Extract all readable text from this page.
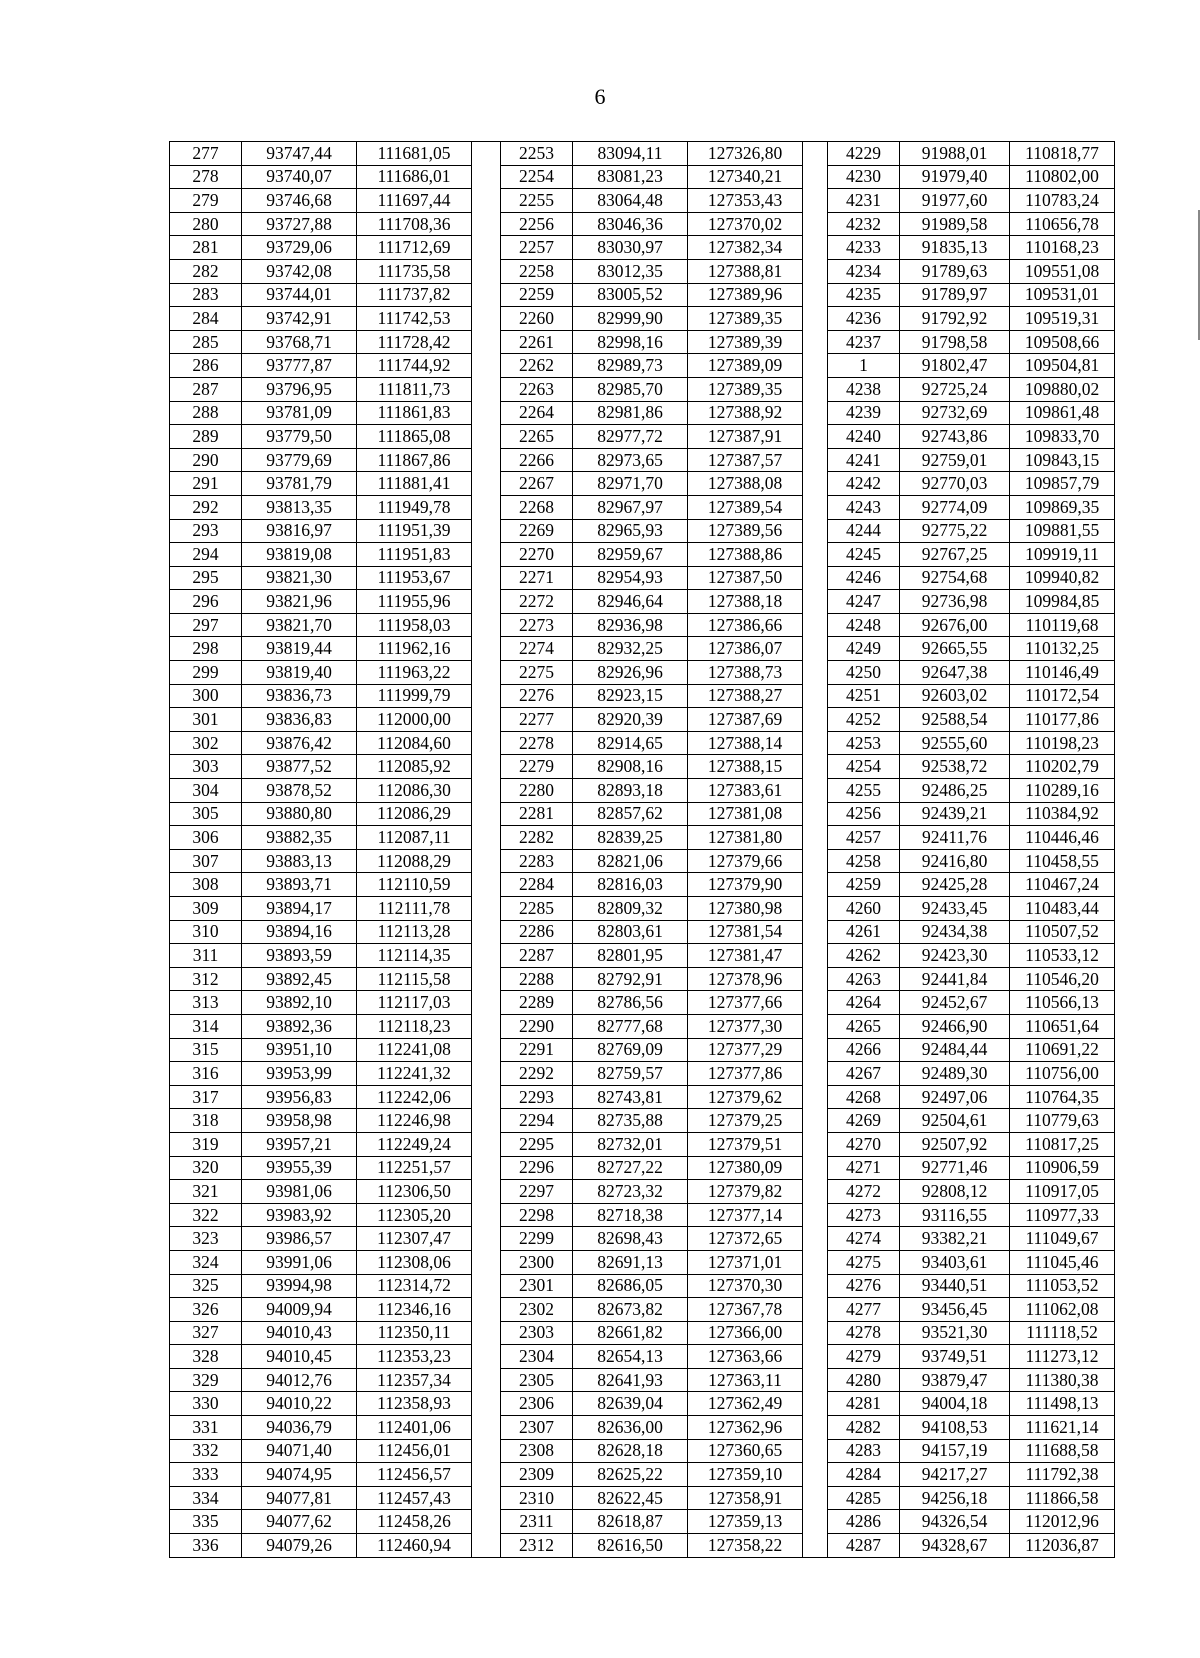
6
277	93747,44	111681,05		2253	83094,11	127326,80		4229	91988,01	110818,77
278	93740,07	111686,01		2254	83081,23	127340,21		4230	91979,40	110802,00
279	93746,68	111697,44		2255	83064,48	127353,43		4231	91977,60	110783,24
280	93727,88	111708,36		2256	83046,36	127370,02		4232	91989,58	110656,78
281	93729,06	111712,69		2257	83030,97	127382,34		4233	91835,13	110168,23
282	93742,08	111735,58		2258	83012,35	127388,81		4234	91789,63	109551,08
283	93744,01	111737,82		2259	83005,52	127389,96		4235	91789,97	109531,01
284	93742,91	111742,53		2260	82999,90	127389,35		4236	91792,92	109519,31
285	93768,71	111728,42		2261	82998,16	127389,39		4237	91798,58	109508,66
286	93777,87	111744,92		2262	82989,73	127389,09		1	91802,47	109504,81
287	93796,95	111811,73		2263	82985,70	127389,35		4238	92725,24	109880,02
288	93781,09	111861,83		2264	82981,86	127388,92		4239	92732,69	109861,48
289	93779,50	111865,08		2265	82977,72	127387,91		4240	92743,86	109833,70
290	93779,69	111867,86		2266	82973,65	127387,57		4241	92759,01	109843,15
291	93781,79	111881,41		2267	82971,70	127388,08		4242	92770,03	109857,79
292	93813,35	111949,78		2268	82967,97	127389,54		4243	92774,09	109869,35
293	93816,97	111951,39		2269	82965,93	127389,56		4244	92775,22	109881,55
294	93819,08	111951,83		2270	82959,67	127388,86		4245	92767,25	109919,11
295	93821,30	111953,67		2271	82954,93	127387,50		4246	92754,68	109940,82
296	93821,96	111955,96		2272	82946,64	127388,18		4247	92736,98	109984,85
297	93821,70	111958,03		2273	82936,98	127386,66		4248	92676,00	110119,68
298	93819,44	111962,16		2274	82932,25	127386,07		4249	92665,55	110132,25
299	93819,40	111963,22		2275	82926,96	127388,73		4250	92647,38	110146,49
300	93836,73	111999,79		2276	82923,15	127388,27		4251	92603,02	110172,54
301	93836,83	112000,00		2277	82920,39	127387,69		4252	92588,54	110177,86
302	93876,42	112084,60		2278	82914,65	127388,14		4253	92555,60	110198,23
303	93877,52	112085,92		2279	82908,16	127388,15		4254	92538,72	110202,79
304	93878,52	112086,30		2280	82893,18	127383,61		4255	92486,25	110289,16
305	93880,80	112086,29		2281	82857,62	127381,08		4256	92439,21	110384,92
306	93882,35	112087,11		2282	82839,25	127381,80		4257	92411,76	110446,46
307	93883,13	112088,29		2283	82821,06	127379,66		4258	92416,80	110458,55
308	93893,71	112110,59		2284	82816,03	127379,90		4259	92425,28	110467,24
309	93894,17	112111,78		2285	82809,32	127380,98		4260	92433,45	110483,44
310	93894,16	112113,28		2286	82803,61	127381,54		4261	92434,38	110507,52
311	93893,59	112114,35		2287	82801,95	127381,47		4262	92423,30	110533,12
312	93892,45	112115,58		2288	82792,91	127378,96		4263	92441,84	110546,20
313	93892,10	112117,03		2289	82786,56	127377,66		4264	92452,67	110566,13
314	93892,36	112118,23		2290	82777,68	127377,30		4265	92466,90	110651,64
315	93951,10	112241,08		2291	82769,09	127377,29		4266	92484,44	110691,22
316	93953,99	112241,32		2292	82759,57	127377,86		4267	92489,30	110756,00
317	93956,83	112242,06		2293	82743,81	127379,62		4268	92497,06	110764,35
318	93958,98	112246,98		2294	82735,88	127379,25		4269	92504,61	110779,63
319	93957,21	112249,24		2295	82732,01	127379,51		4270	92507,92	110817,25
320	93955,39	112251,57		2296	82727,22	127380,09		4271	92771,46	110906,59
321	93981,06	112306,50		2297	82723,32	127379,82		4272	92808,12	110917,05
322	93983,92	112305,20		2298	82718,38	127377,14		4273	93116,55	110977,33
323	93986,57	112307,47		2299	82698,43	127372,65		4274	93382,21	111049,67
324	93991,06	112308,06		2300	82691,13	127371,01		4275	93403,61	111045,46
325	93994,98	112314,72		2301	82686,05	127370,30		4276	93440,51	111053,52
326	94009,94	112346,16		2302	82673,82	127367,78		4277	93456,45	111062,08
327	94010,43	112350,11		2303	82661,82	127366,00		4278	93521,30	111118,52
328	94010,45	112353,23		2304	82654,13	127363,66		4279	93749,51	111273,12
329	94012,76	112357,34		2305	82641,93	127363,11		4280	93879,47	111380,38
330	94010,22	112358,93		2306	82639,04	127362,49		4281	94004,18	111498,13
331	94036,79	112401,06		2307	82636,00	127362,96		4282	94108,53	111621,14
332	94071,40	112456,01		2308	82628,18	127360,65		4283	94157,19	111688,58
333	94074,95	112456,57		2309	82625,22	127359,10		4284	94217,27	111792,38
334	94077,81	112457,43		2310	82622,45	127358,91		4285	94256,18	111866,58
335	94077,62	112458,26		2311	82618,87	127359,13		4286	94326,54	112012,96
336	94079,26	112460,94		2312	82616,50	127358,22		4287	94328,67	112036,87
